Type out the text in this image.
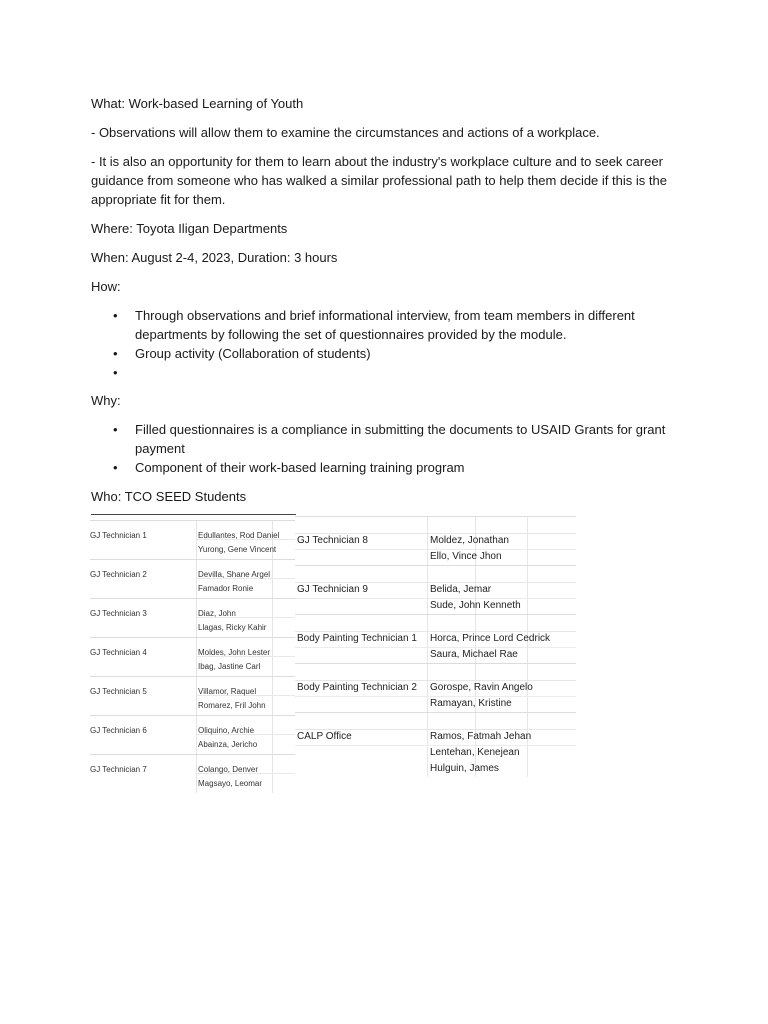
What: Work-based Learning of Youth
- Observations will allow them to examine the circumstances and actions of a workplace.
- It is also an opportunity for them to learn about the industry's workplace culture and to seek career guidance from someone who has walked a similar professional path to help them decide if this is the appropriate fit for them.
Where: Toyota Iligan Departments
When: August 2-4, 2023, Duration: 3 hours
How:
• Through observations and brief informational interview, from team members in different departments by following the set of questionnaires provided by the module.
• Group activity (Collaboration of students)
•
Why:
• Filled questionnaires is a compliance in submitting the documents to USAID Grants for grant payment
• Component of their work-based learning training program
Who: TCO SEED Students
GJ Technician 1	Edullantes, Rod Daniel
Yurong, Gene Vincent
GJ Technician 2	Devilla, Shane Argel
Famador Ronie
GJ Technician 3	Diaz, John
Llagas, Ricky Kahir
GJ Technician 4	Moldes, John Lester
Ibag, Jastine Carl
GJ Technician 5	Villamor, Raquel
Romarez, Fril John
GJ Technician 6	Oliquino, Archie
Abainza, Jericho
GJ Technician 7	Colango, Denver
Magsayo, Leomar
GJ Technician 8	Moldez, Jonathan
Ello, Vince Jhon
GJ Technician 9	Belida, Jemar
Sude, John Kenneth
Body Painting Technician 1 Horca, Prince Lord Cedrick
Saura, Michael Rae
Body Painting Technician 2 Gorospe, Ravin Angelo
Ramayan, Kristine
CALP Office	Ramos, Fatmah Jehan
Lentehan, Kenejean
Hulguin, James
